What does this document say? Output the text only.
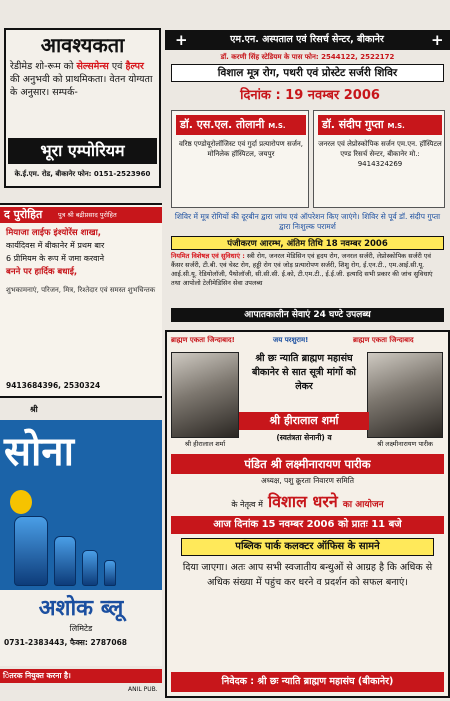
आवश्यकता
रेडीमेड शो-रूम को सेल्समेन्स एवं हैल्पर की अनुभवी को प्राथमिकता। वेतन योग्यता के अनुसार। सम्पर्क-
भूरा एम्पोरियम
के.ई.एम. रोड, बीकानेर फोन: 0151-2523960
द पुरोहित पुत्र श्री बद्रीप्रसाद पुरोहित
मियाजा लाईफ इंश्योरेंस शाखा,
कार्यदिवस में बीकानेर में प्रथम बार
6 प्रीमियम के रूप में जमा करवाने
बनने पर हार्दिक बधाई,
शुभकामनाएं, परिजन, मित्र, रिश्तेदार एवं समस्त शुभचिन्तक
9413684396, 2530324
श्री
सोना
अशोक ब्लू
लिमिटेड
0731-2383443, फैक्स: 2787068
ितरक नियुक्त करना है।
ANIL PUB.
+	एम.एन. अस्पताल एवं रिसर्च सेन्टर, बीकानेर	+
डॉ. करणी सिंह स्टेडियम के पास फोन: 2544122, 2522172
विशाल मूत्र रोग, पथरी एवं प्रोस्टेट सर्जरी शिविर
दिनांक : 19 नवम्बर 2006
डॉ. एस.एल. तोलानी M.S.
वरिष्ठ एण्डोयूरोलॉजिस्ट एवं गुर्दा प्रत्यारोपण सर्जन, मोनिलेक हॉस्पिटल, जयपुर
डॉ. संदीप गुप्ता M.S.
जनरल एवं लेप्रोस्कोपिक सर्जन एम.एन. हॉस्पिटल एण्ड रिसर्च सेन्टर, बीकानेर मो.: 9414324269
शिविर में मूत्र रोगियों की दूरबीन द्वारा जांच एवं ऑपरेशन किए जाएंगे। शिविर से पूर्व डॉ. संदीप गुप्ता द्वारा निःशुल्क परामर्श
पंजीकरण आरम्भ, अंतिम तिथि 18 नवम्बर 2006
नियमित विशेषज्ञ एवं सुविधाएं : स्त्री रोग, जनरल मेडिसिन एवं हृदय रोग, जनरल सर्जरी, लेप्रोस्कोपिक सर्जरी एवं कैंसर सर्जरी, टी.बी. एवं चेस्ट रोग, हड्डी रोग एवं जोड़ प्रत्यारोपण सर्जरी, शिशु रोग, ई.एन.टी., एम.आई.सी.यू. आई.सी.यू. रेडियोलॉजी, पैथोलॉजी, सी.सी.सी. ई.को, टी.एम.टी., ई.ई.जी. इत्यादि सभी प्रकार की जांच सुविधाएं तथा आपोलो टेलीमेडिसिन सेवा उपलब्ध
आपातकालीन सेवाएं 24 घण्टे उपलब्ध
ब्राह्मण एकता जिन्दाबाद!	जय परशुराम!	ब्राह्मण एकता जिन्दाबाद
श्री छः न्याति ब्राह्मण महासंघ बीकानेर से सात सूत्री मांगों को लेकर
श्री हीरालाल शर्मा
(स्वतंत्रता सेनानी) व
श्री हीरालाल शर्मा	श्री लक्ष्मीनारायण पारीक
पंडित श्री लक्ष्मीनारायण पारीक
अध्यक्ष, पशु क्रूरता निवारण समिति
के नेतृत्व में विशाल धरने का आयोजन
आज दिनांक 15 नवम्बर 2006 को प्रातः 11 बजे
पब्लिक पार्क कलक्टर ऑफिस के सामने
दिया जाएगा। अतः आप सभी स्वजातीय बन्धुओं से आग्रह है कि अधिक से अधिक संख्या में पहुंच कर धरने व प्रदर्शन को सफल बनाएं।
निवेदक : श्री छः न्याति ब्राह्मण महासंघ (बीकानेर)
